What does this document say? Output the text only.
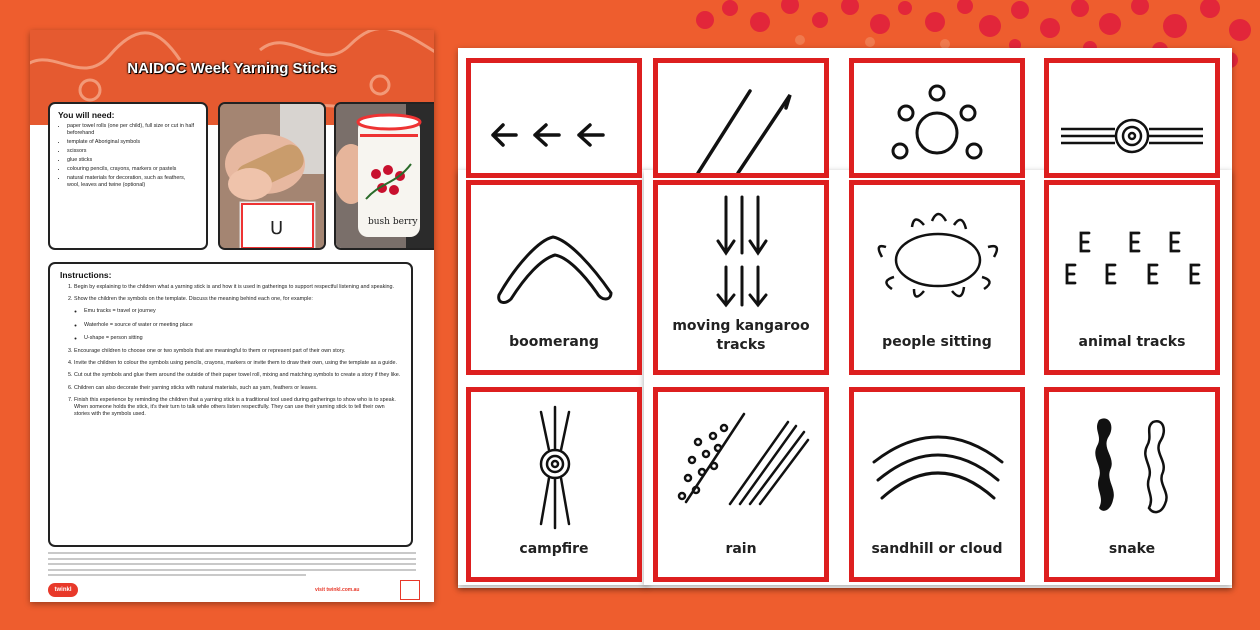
NAIDOC Week Yarning Sticks
You will need:
• paper towel rolls (one per child), full size or cut in half beforehand
• template of Aboriginal symbols
• scissors
• glue sticks
• colouring pencils, crayons, markers or pastels
• natural materials for decoration, such as feathers, wool, leaves and twine (optional)
U	bush berry
Instructions:
1. Begin by explaining to the children what a yarning stick is and how it is used in gatherings to support respectful listening and speaking.
2. Show the children the symbols on the template. Discuss the meaning behind each one, for example:
◦ Emu tracks = travel or journey
◦ Waterhole = source of water or meeting place
◦ U-shape = person sitting
3. Encourage children to choose one or two symbols that are meaningful to them or represent part of their own story.
4. Invite the children to colour the symbols using pencils, crayons, markers or invite them to draw their own, using the template as a guide.
5. Cut out the symbols and glue them around the outside of their paper towel roll, mixing and matching symbols to create a story if they like.
6. Children can also decorate their yarning sticks with natural materials, such as yarn, feathers or leaves.
7. Finish this experience by reminding the children that a yarning stick is a traditional tool used during gatherings to show who is to speak. When someone holds the stick, it's their turn to talk while others listen respectfully. They can use their yarning stick to tell their own stories with the symbols used.
twinkl	visit twinkl.com.au
boomerang
moving kangaroo tracks	people sitting	animal tracks
campfire	rain	sandhill or cloud	snake
